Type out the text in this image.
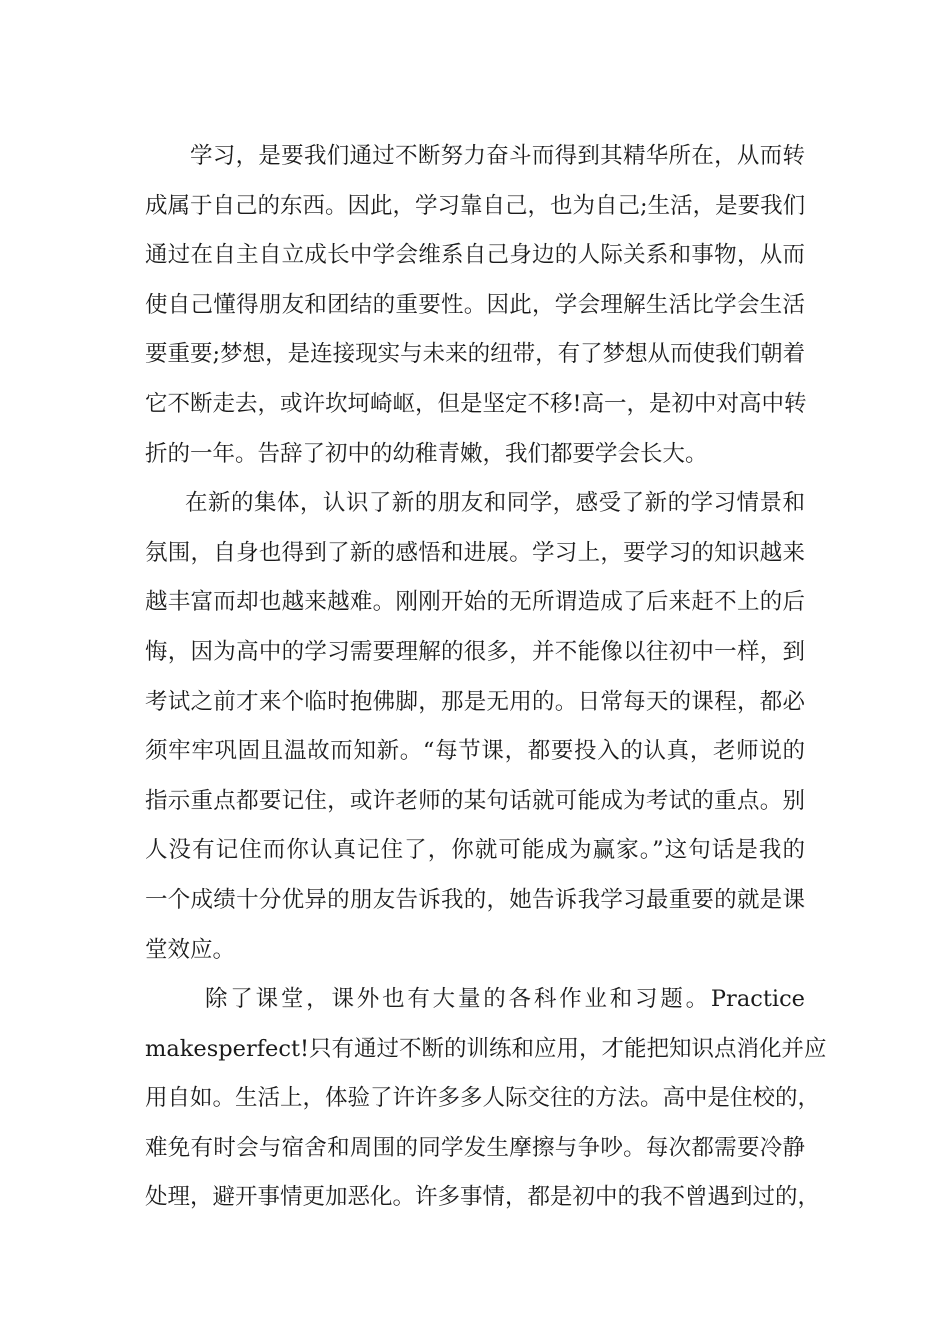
学习，是要我们通过不断努力奋斗而得到其精华所在，从而转
成属于自己的东西。因此，学习靠自己，也为自己;生活，是要我们
通过在自主自立成长中学会维系自己身边的人际关系和事物，从而
使自己懂得朋友和团结的重要性。因此，学会理解生活比学会生活
要重要;梦想，是连接现实与未来的纽带，有了梦想从而使我们朝着
它不断走去，或许坎坷崎岖，但是坚定不移!高一，是初中对高中转
折的一年。告辞了初中的幼稚青嫩，我们都要学会长大。
在新的集体，认识了新的朋友和同学，感受了新的学习情景和
氛围，自身也得到了新的感悟和进展。学习上，要学习的知识越来
越丰富而却也越来越难。刚刚开始的无所谓造成了后来赶不上的后
悔，因为高中的学习需要理解的很多，并不能像以往初中一样，到
考试之前才来个临时抱佛脚，那是无用的。日常每天的课程，都必
须牢牢巩固且温故而知新。“每节课，都要投入的认真，老师说的
指示重点都要记住，或许老师的某句话就可能成为考试的重点。别
人没有记住而你认真记住了，你就可能成为赢家。”这句话是我的
一个成绩十分优异的朋友告诉我的，她告诉我学习最重要的就是课
堂效应。
除了课堂，课外也有大量的各科作业和习题。Practice
makesperfect!只有通过不断的训练和应用，才能把知识点消化并应
用自如。生活上，体验了许许多多人际交往的方法。高中是住校的，
难免有时会与宿舍和周围的同学发生摩擦与争吵。每次都需要冷静
处理，避开事情更加恶化。许多事情，都是初中的我不曾遇到过的，
